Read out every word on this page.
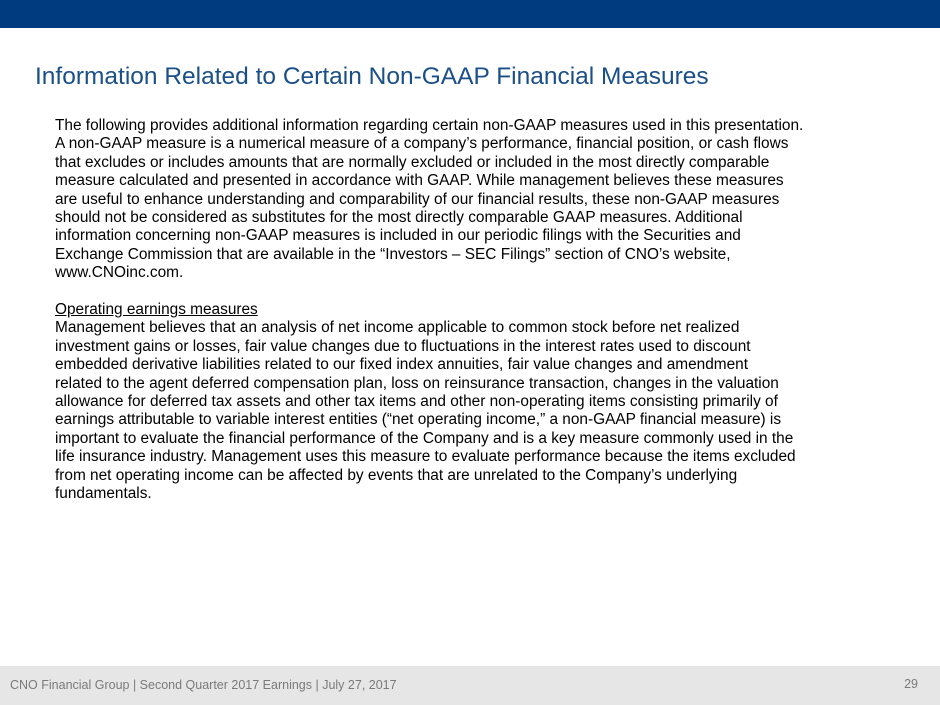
Information Related to Certain Non-GAAP Financial Measures
The following provides additional information regarding certain non-GAAP measures used in this presentation.
A non-GAAP measure is a numerical measure of a company’s performance, financial position, or cash flows
that excludes or includes amounts that are normally excluded or included in the most directly comparable
measure calculated and presented in accordance with GAAP. While management believes these measures
are useful to enhance understanding and comparability of our financial results, these non-GAAP measures
should not be considered as substitutes for the most directly comparable GAAP measures. Additional
information concerning non-GAAP measures is included in our periodic filings with the Securities and
Exchange Commission that are available in the “Investors – SEC Filings” section of CNO’s website,
www.CNOinc.com.
Operating earnings measures
Management believes that an analysis of net income applicable to common stock before net realized
investment gains or losses, fair value changes due to fluctuations in the interest rates used to discount
embedded derivative liabilities related to our fixed index annuities, fair value changes and amendment
related to the agent deferred compensation plan, loss on reinsurance transaction, changes in the valuation
allowance for deferred tax assets and other tax items and other non-operating items consisting primarily of
earnings attributable to variable interest entities (“net operating income,” a non-GAAP financial measure) is
important to evaluate the financial performance of the Company and is a key measure commonly used in the
life insurance industry. Management uses this measure to evaluate performance because the items excluded
from net operating income can be affected by events that are unrelated to the Company’s underlying
fundamentals.
CNO Financial Group | Second Quarter 2017 Earnings | July 27, 2017	29
